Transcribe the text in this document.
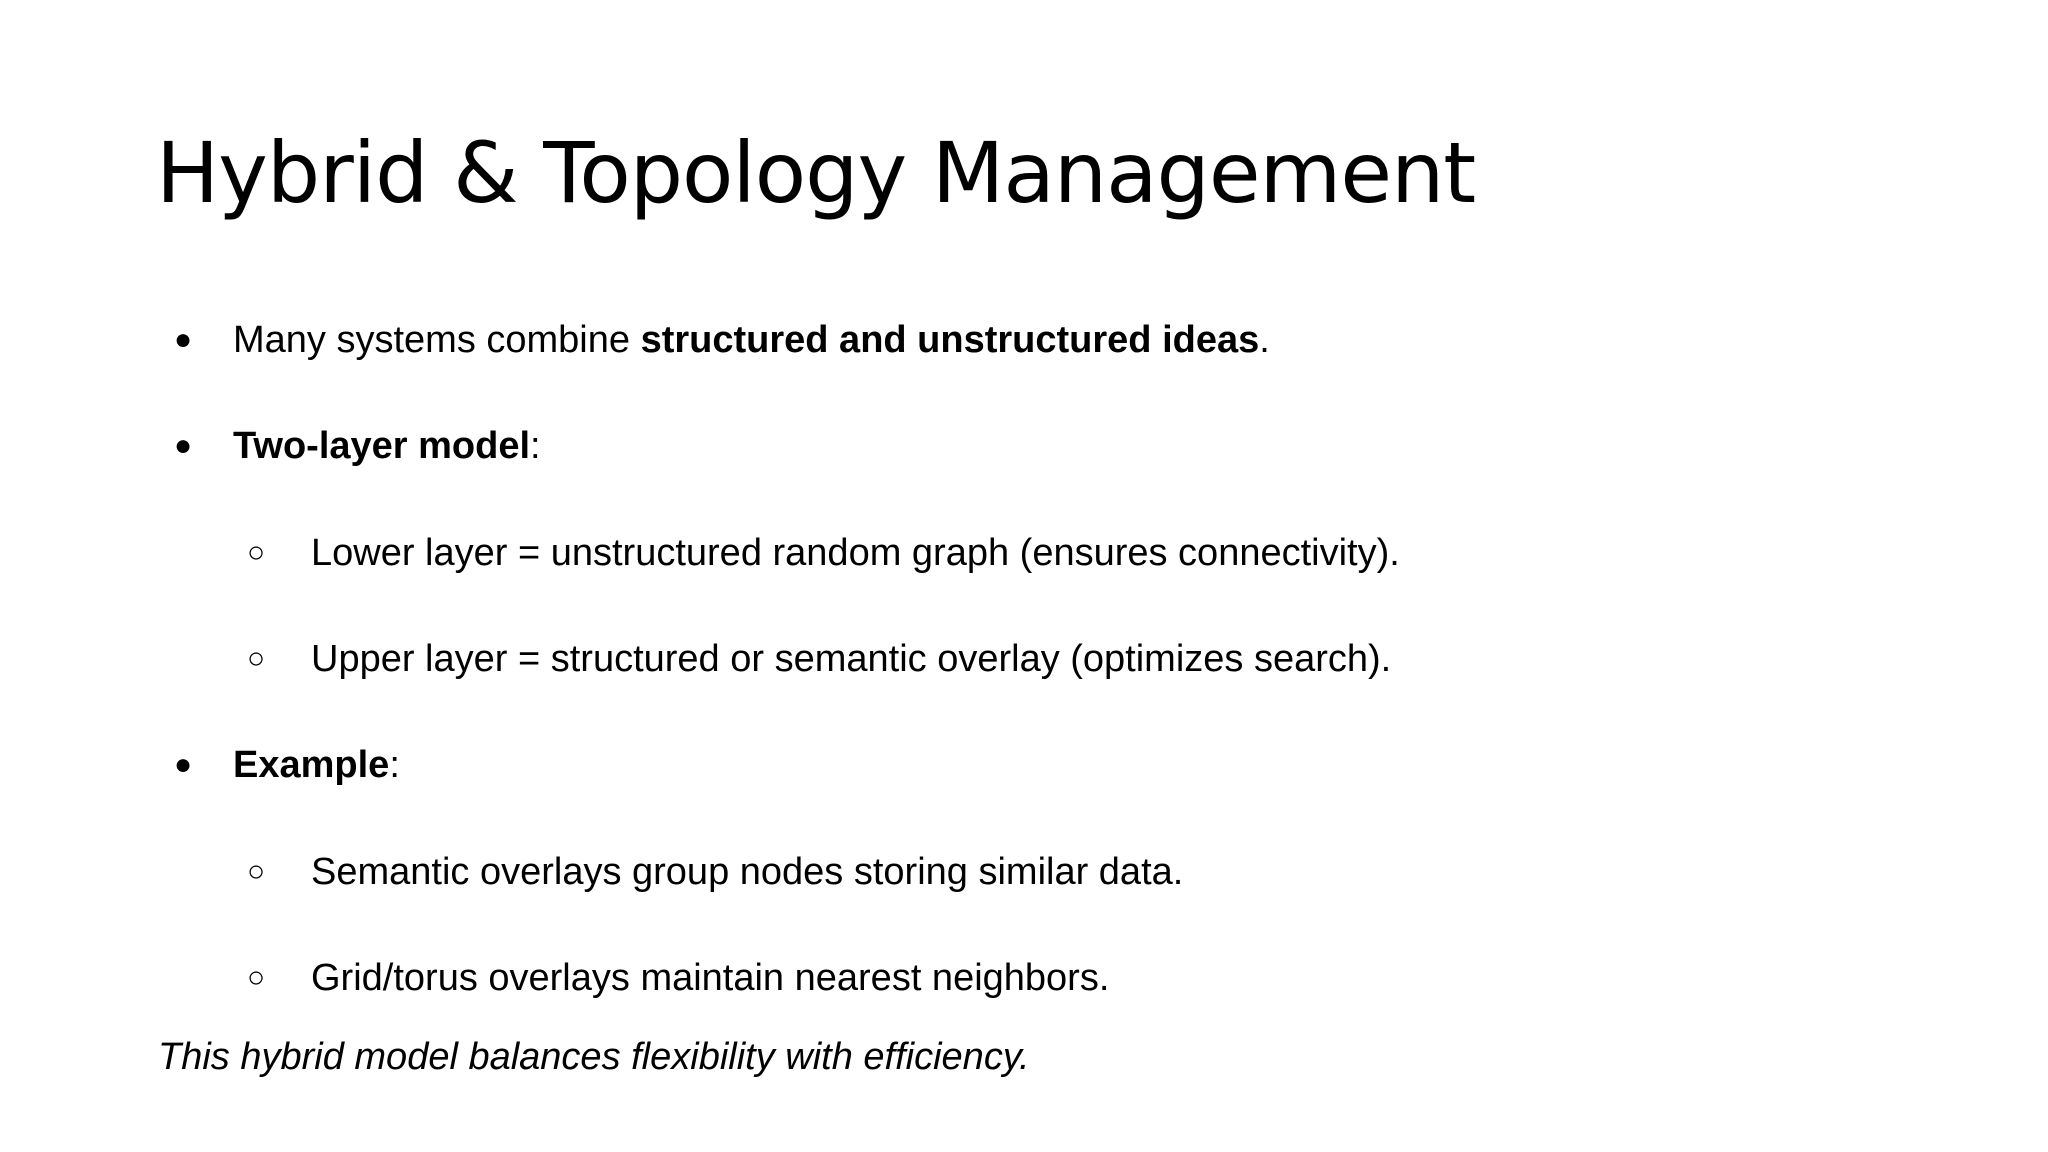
Hybrid & Topology Management
● Many systems combine structured and unstructured ideas.
● Two-layer model:
○ Lower layer = unstructured random graph (ensures connectivity).
○ Upper layer = structured or semantic overlay (optimizes search).
● Example:
○ Semantic overlays group nodes storing similar data.
○ Grid/torus overlays maintain nearest neighbors.
This hybrid model balances flexibility with efficiency.
